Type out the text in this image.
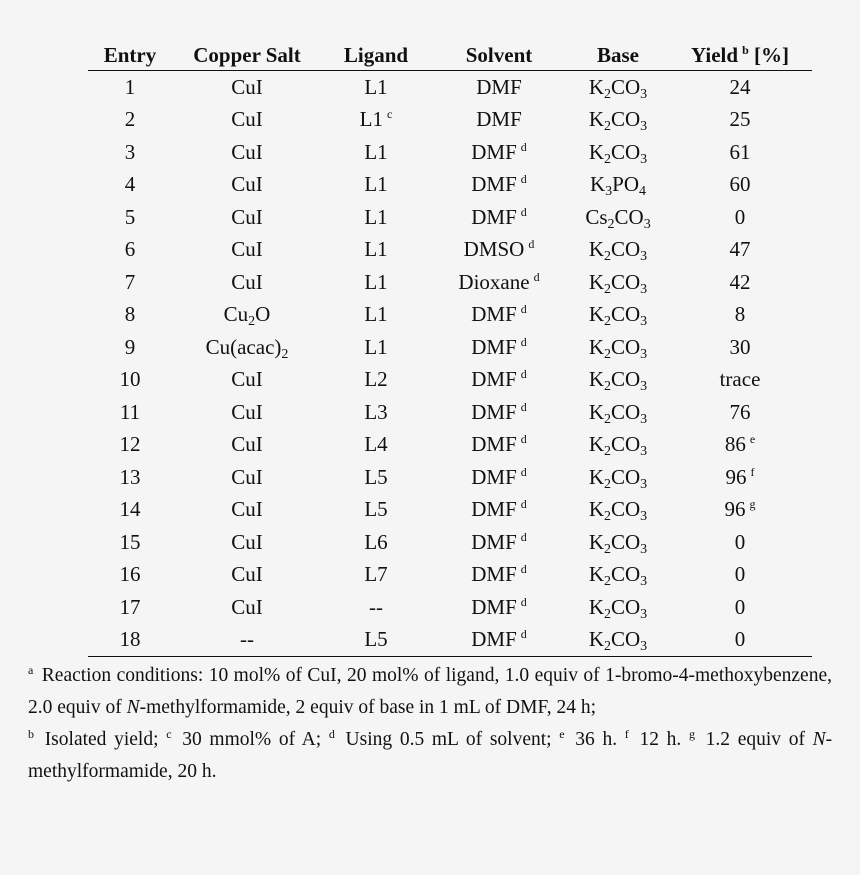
Entry	Copper Salt	Ligand	Solvent	Base	Yield $^b$ [%]
1	CuI	L1	DMF	$K_2CO_3$	24
2	CuI	L1 $^c$	DMF	$K_2CO_3$	25
3	CuI	L1	DMF $^d$	$K_2CO_3$	61
4	CuI	L1	DMF $^d$	$K_3PO_4$	60
5	CuI	L1	DMF $^d$	$Cs_2CO_3$	0
6	CuI	L1	DMSO $^d$	$K_2CO_3$	47
7	CuI	L1	Dioxane $^d$	$K_2CO_3$	42
8	$Cu_2O$	L1	DMF $^d$	$K_2CO_3$	8
9	$Cu(acac)_2$	L1	DMF $^d$	$K_2CO_3$	30
10	CuI	L2	DMF $^d$	$K_2CO_3$	trace
11	CuI	L3	DMF $^d$	$K_2CO_3$	76
12	CuI	L4	DMF $^d$	$K_2CO_3$	86 $^e$
13	CuI	L5	DMF $^d$	$K_2CO_3$	96 $^f$
14	CuI	L5	DMF $^d$	$K_2CO_3$	96 $^g$
15	CuI	L6	DMF $^d$	$K_2CO_3$	0
16	CuI	L7	DMF $^d$	$K_2CO_3$	0
17	CuI	--	DMF $^d$	$K_2CO_3$	0
18	--	L5	DMF $^d$	$K_2CO_3$	0
$^a$ Reaction conditions: 10 mol% of CuI, 20 mol% of ligand, 1.0 equiv of 1-bromo-4-methoxybenzene, 2.0 equiv of N-methylformamide, 2 equiv of base in 1 mL of DMF, 24 h;
$^b$ Isolated yield; $^c$ 30 mmol% of A; $^d$ Using 0.5 mL of solvent; $^e$ 36 h. $^f$ 12 h. $^g$ 1.2 equiv of N-methylformamide, 20 h.
